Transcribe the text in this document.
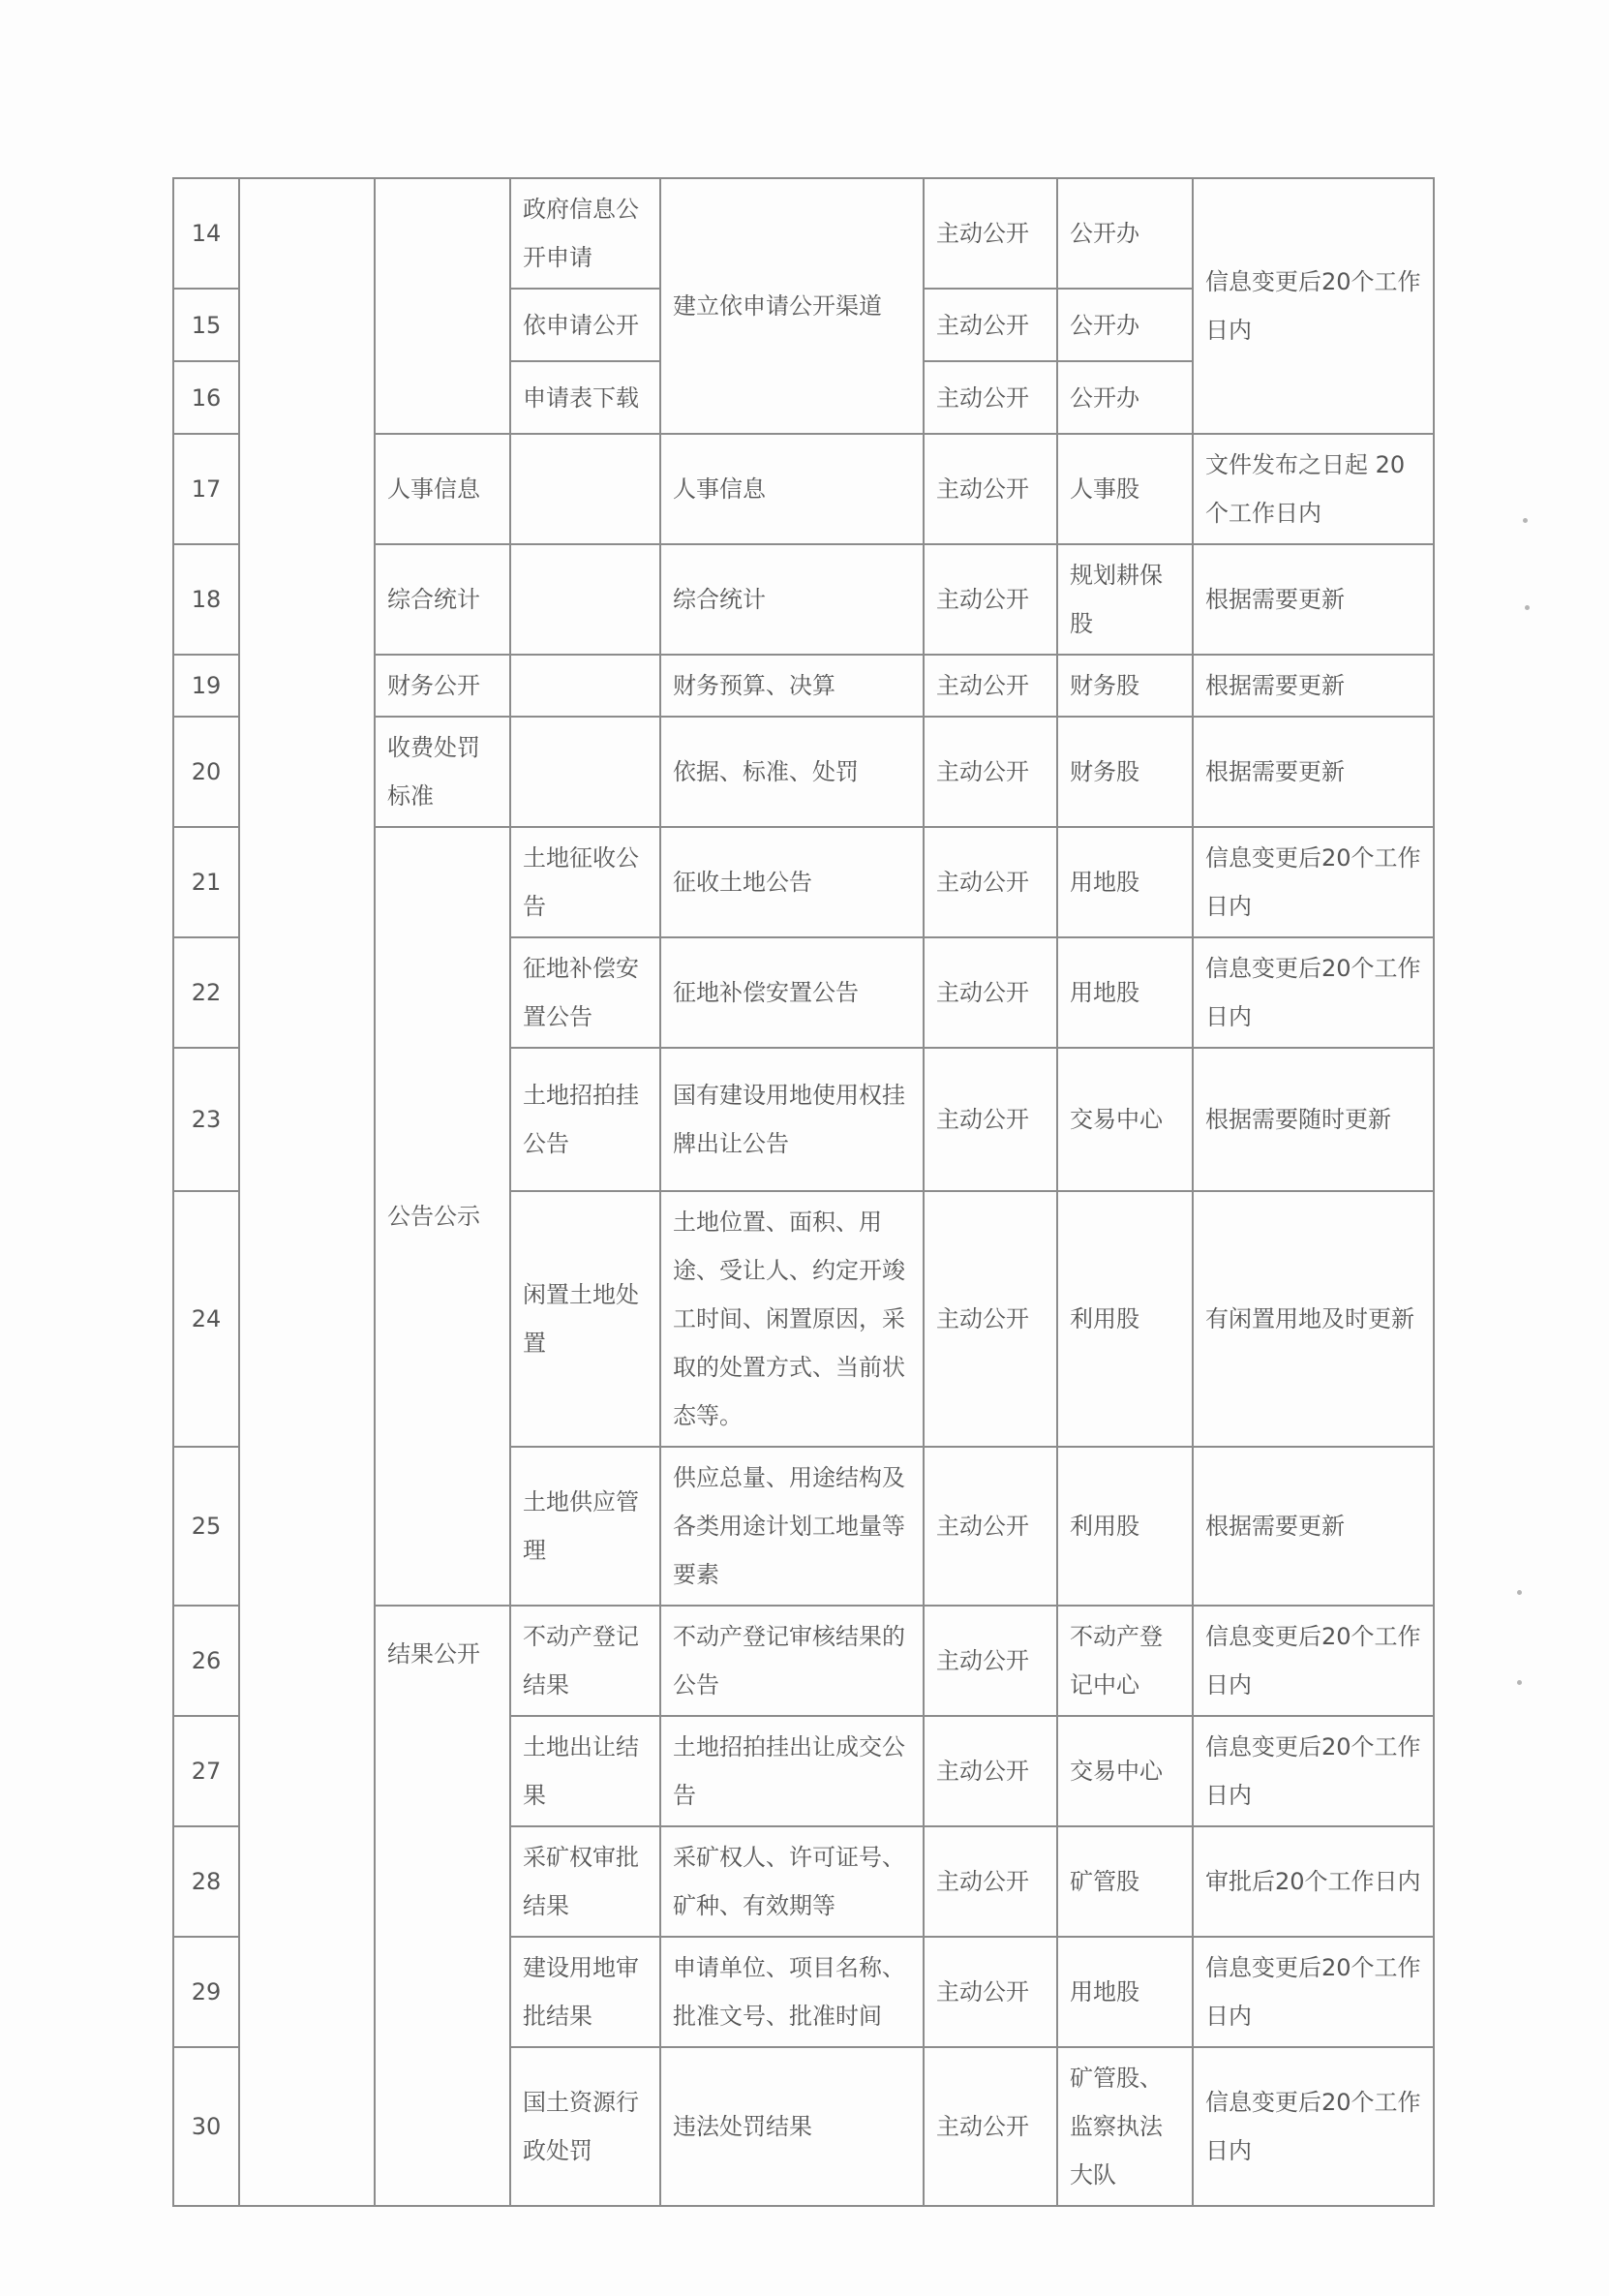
14			政府信息公开申请	建立依申请公开渠道	主动公开	公开办	信息变更后20个工作日内
15			依申请公开		主动公开	公开办	
16			申请表下载		主动公开	公开办	
17		人事信息		人事信息	主动公开	人事股	文件发布之日起 20 个工作日内
18		综合统计		综合统计	主动公开	规划耕保股	根据需要更新
19		财务公开		财务预算、决算	主动公开	财务股	根据需要更新
20		收费处罚标准		依据、标准、处罚	主动公开	财务股	根据需要更新
21		公告公示	土地征收公告	征收土地公告	主动公开	用地股	信息变更后20个工作日内
22			征地补偿安置公告	征地补偿安置公告	主动公开	用地股	信息变更后20个工作日内
23			土地招拍挂公告	国有建设用地使用权挂牌出让公告	主动公开	交易中心	根据需要随时更新
24			闲置土地处置	土地位置、面积、用途、受让人、约定开竣工时间、闲置原因，采取的处置方式、当前状态等。	主动公开	利用股	有闲置用地及时更新
25			土地供应管理	供应总量、用途结构及各类用途计划工地量等要素	主动公开	利用股	根据需要更新
26		结果公开	不动产登记结果	不动产登记审核结果的公告	主动公开	不动产登记中心	信息变更后20个工作日内
27			土地出让结果	土地招拍挂出让成交公告	主动公开	交易中心	信息变更后20个工作日内
28			采矿权审批结果	采矿权人、许可证号、矿种、有效期等	主动公开	矿管股	审批后20个工作日内
29			建设用地审批结果	申请单位、项目名称、批准文号、批准时间	主动公开	用地股	信息变更后20个工作日内
30			国土资源行政处罚	违法处罚结果	主动公开	矿管股、监察执法大队	信息变更后20个工作日内
